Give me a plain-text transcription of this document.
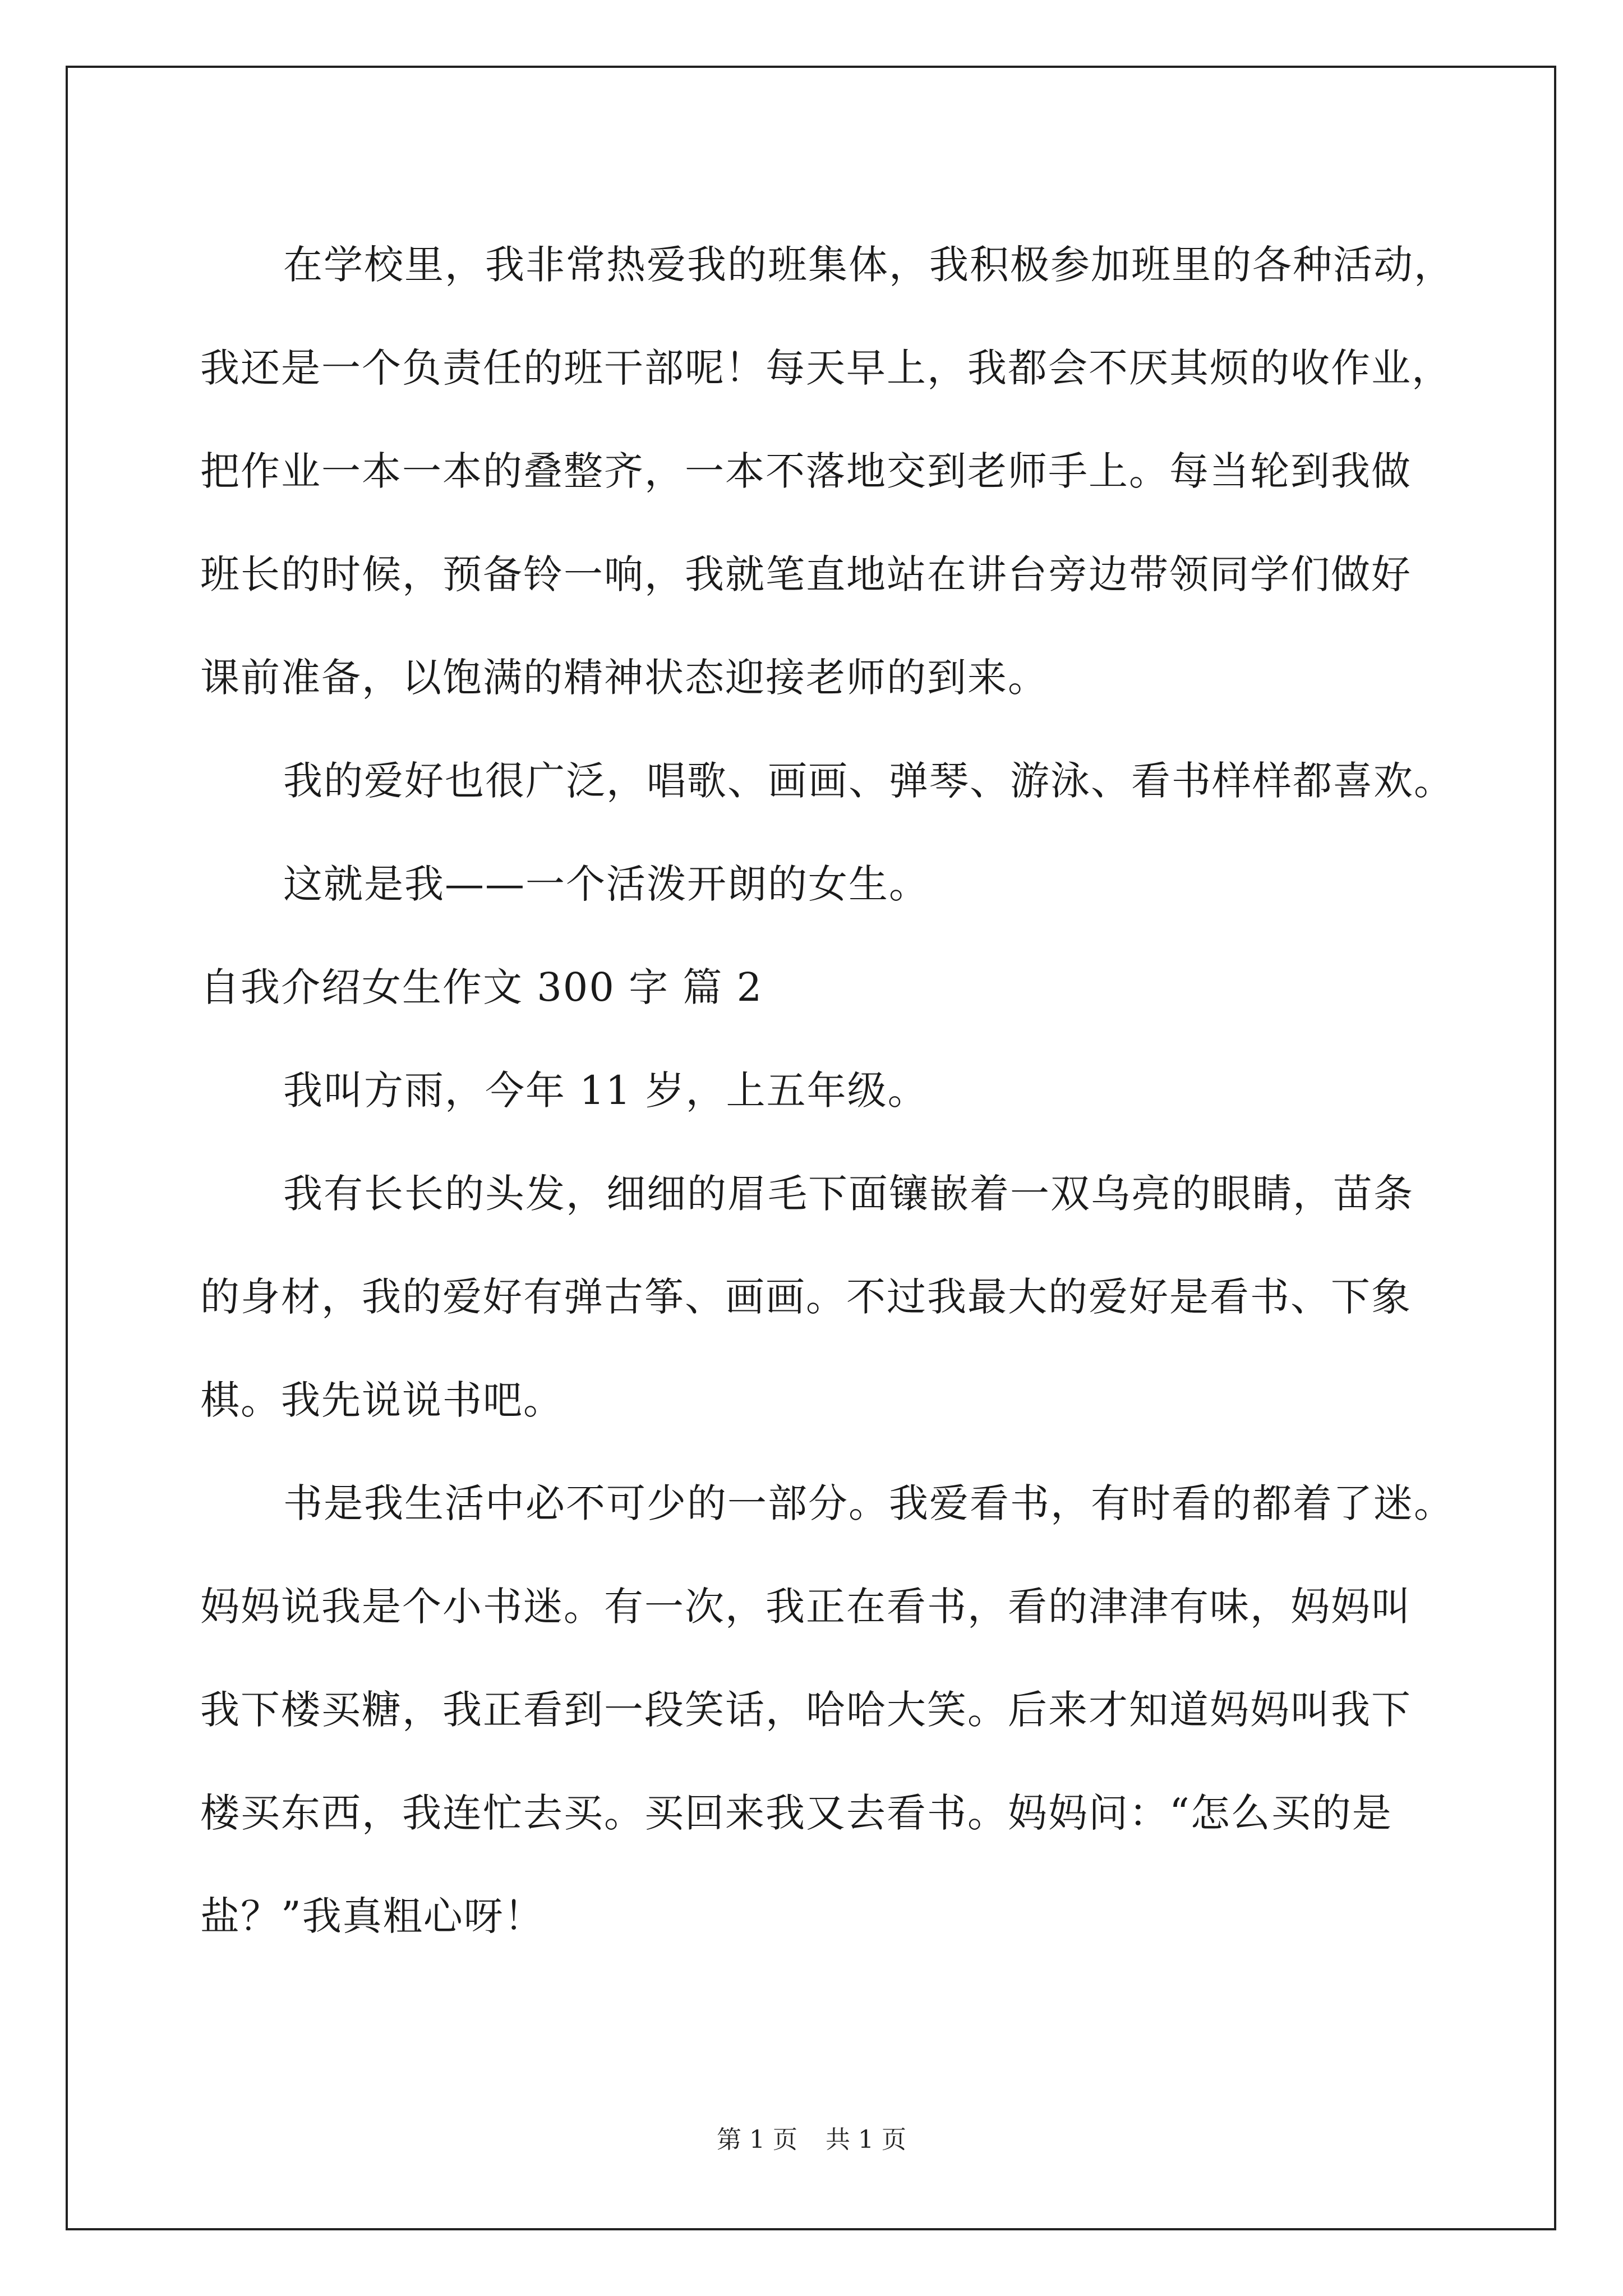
在学校里，我非常热爱我的班集体，我积极参加班里的各种活动，
我还是一个负责任的班干部呢！每天早上，我都会不厌其烦的收作业，
把作业一本一本的叠整齐，一本不落地交到老师手上。每当轮到我做
班长的时候，预备铃一响，我就笔直地站在讲台旁边带领同学们做好
课前准备，以饱满的精神状态迎接老师的到来。
我的爱好也很广泛，唱歌、画画、弹琴、游泳、看书样样都喜欢。
这就是我——一个活泼开朗的女生。
自我介绍女生作文 300 字 篇 2
我叫方雨，今年 11 岁，上五年级。
我有长长的头发，细细的眉毛下面镶嵌着一双乌亮的眼睛，苗条
的身材，我的爱好有弹古筝、画画。不过我最大的爱好是看书、下象
棋。我先说说书吧。
书是我生活中必不可少的一部分。我爱看书，有时看的都着了迷。
妈妈说我是个小书迷。有一次，我正在看书，看的津津有味，妈妈叫
我下楼买糖，我正看到一段笑话，哈哈大笑。后来才知道妈妈叫我下
楼买东西，我连忙去买。买回来我又去看书。妈妈问：“怎么买的是
盐？”我真粗心呀！
第 1 页 共 1 页
